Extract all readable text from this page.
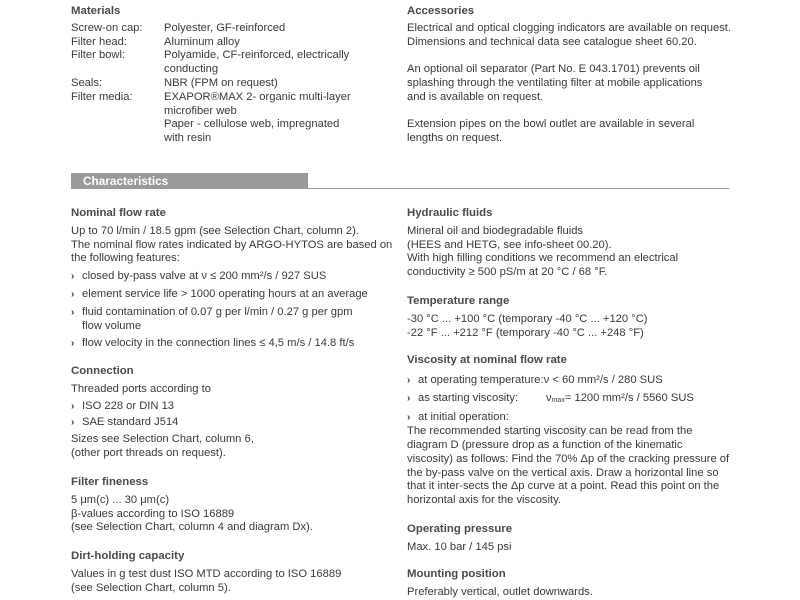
Materials
Screw-on cap:	Polyester, GF-reinforced
Filter head:	Aluminum alloy
Filter bowl:	Polyamide, CF-reinforced, electrically
conducting
Seals:	NBR (FPM on request)
Filter media:	EXAPOR®MAX 2- organic multi-layer
microfiber web
Paper - cellulose web, impregnated
with resin
Accessories
Electrical and optical clogging indicators are available on request.
Dimensions and technical data see catalogue sheet 60.20.
An optional oil separator (Part No. E 043.1701) prevents oil
splashing through the ventilating filter at mobile applications
and is available on request.
Extension pipes on the bowl outlet are available in several
lengths on request.
Characteristics
Nominal flow rate
Up to 70 l/min / 18.5 gpm (see Selection Chart, column 2).
The nominal flow rates indicated by ARGO-HYTOS are based on
the following features:
› closed by-pass valve at ν ≤ 200 mm²/s / 927 SUS
› element service life > 1000 operating hours at an average
› fluid contamination of 0.07 g per l/min / 0.27 g per gpm
flow volume
› flow velocity in the connection lines ≤ 4,5 m/s / 14.8 ft/s
Connection
Threaded ports according to
› ISO 228 or DIN 13
› SAE standard J514
Sizes see Selection Chart, column 6,
(other port threads on request).
Filter fineness
5 μm(c) ... 30 μm(c)
β-values according to ISO 16889
(see Selection Chart, column 4 and diagram Dx).
Dirt-holding capacity
Values in g test dust ISO MTD according to ISO 16889
(see Selection Chart, column 5).
Hydraulic fluids
Mineral oil and biodegradable fluids
(HEES and HETG, see info-sheet 00.20).
With high filling conditions we recommend an electrical
conductivity ≥ 500 pS/m at 20 °C / 68 °F.
Temperature range
-30 °C ... +100 °C (temporary -40 °C ... +120 °C)
-22 °F ... +212 °F (temporary -40 °C ... +248 °F)
Viscosity at nominal flow rate
› at operating temperature:ν < 60 mm²/s / 280 SUS
› as starting viscosity: νmax= 1200 mm²/s / 5560 SUS
› at initial operation:
The recommended starting viscosity can be read from the
diagram D (pressure drop as a function of the kinematic
viscosity) as follows: Find the 70% Δp of the cracking pressure of
the by-pass valve on the vertical axis. Draw a horizontal line so
that it inter-sects the Δp curve at a point. Read this point on the
horizontal axis for the viscosity.
Operating pressure
Max. 10 bar / 145 psi
Mounting position
Preferably vertical, outlet downwards.
